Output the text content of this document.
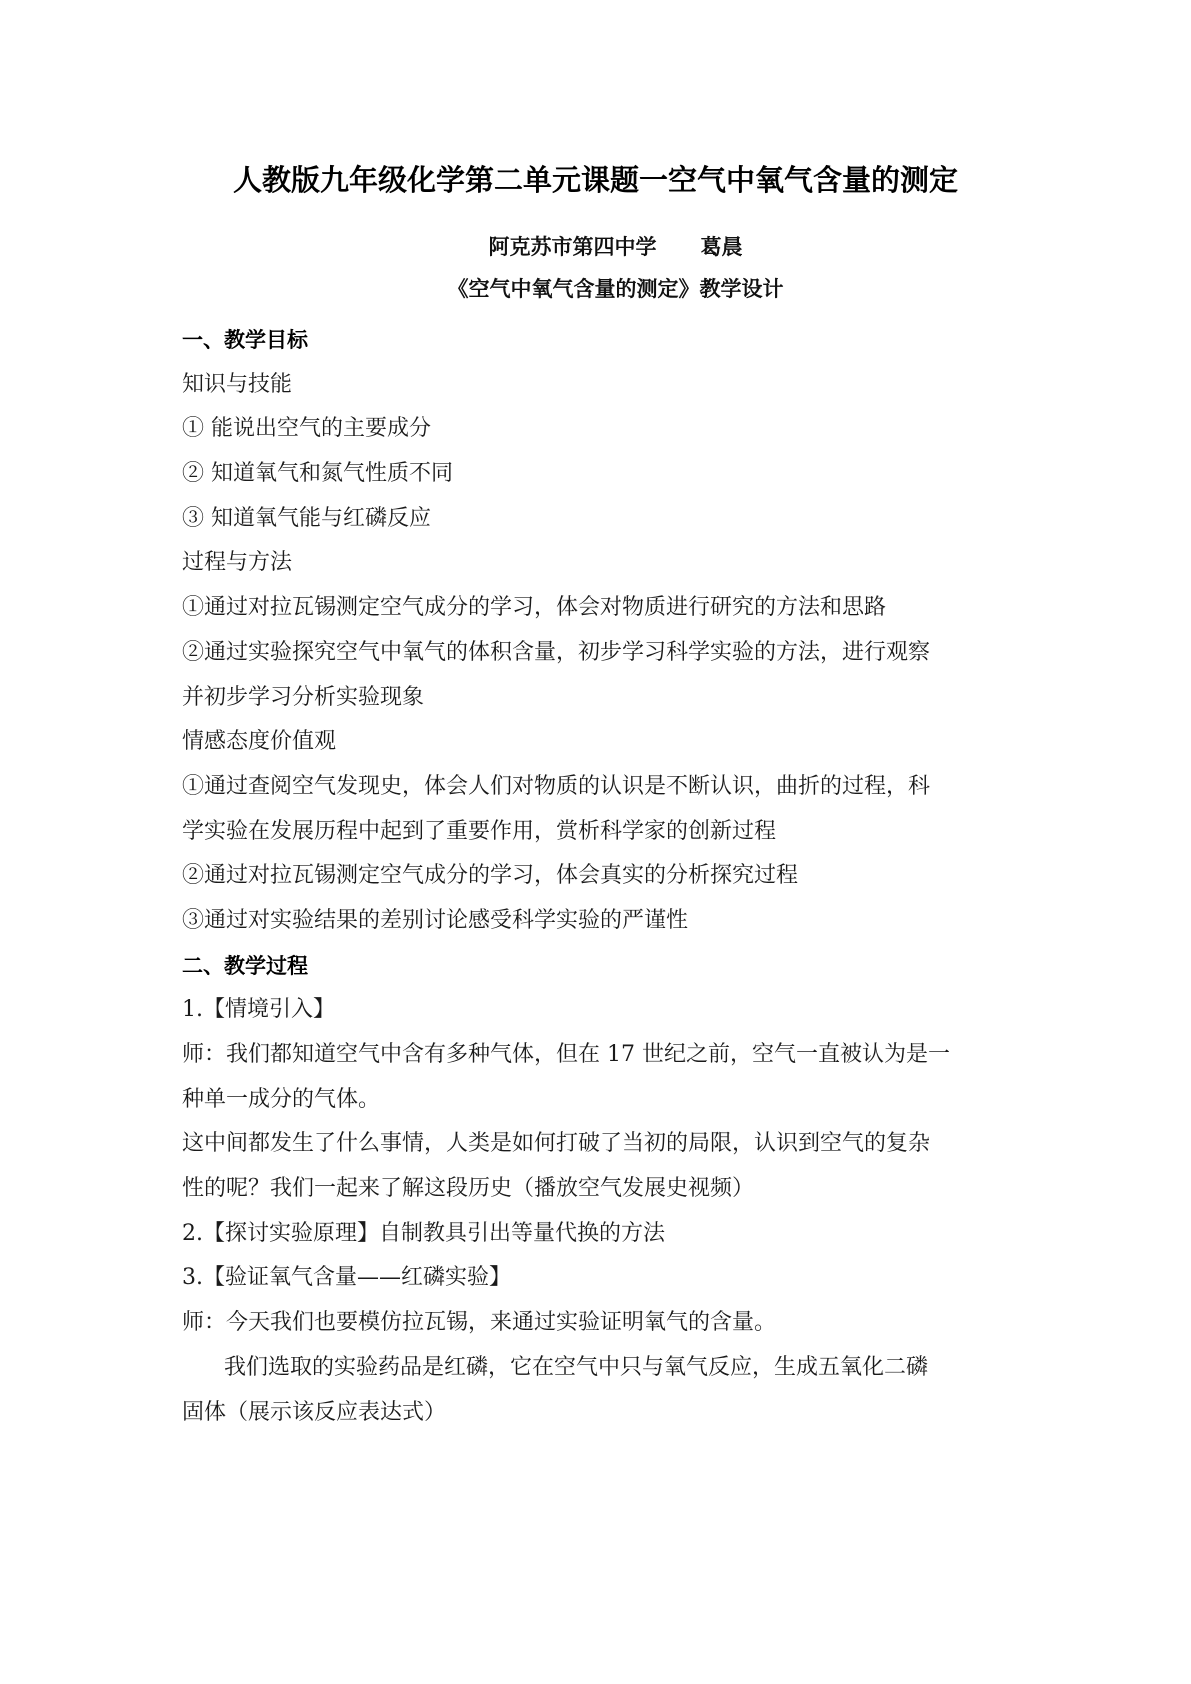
人教版九年级化学第二单元课题一空气中氧气含量的测定
阿克苏市第四中学 葛晨
《空气中氧气含量的测定》教学设计
一、教学目标
知识与技能
① 能说出空气的主要成分
② 知道氧气和氮气性质不同
③ 知道氧气能与红磷反应
过程与方法
①通过对拉瓦锡测定空气成分的学习，体会对物质进行研究的方法和思路
②通过实验探究空气中氧气的体积含量，初步学习科学实验的方法，进行观察
并初步学习分析实验现象
情感态度价值观
①通过查阅空气发现史，体会人们对物质的认识是不断认识，曲折的过程，科
学实验在发展历程中起到了重要作用，赏析科学家的创新过程
②通过对拉瓦锡测定空气成分的学习，体会真实的分析探究过程
③通过对实验结果的差别讨论感受科学实验的严谨性
二、教学过程
1.【情境引入】
师：我们都知道空气中含有多种气体，但在 17 世纪之前，空气一直被认为是一
种单一成分的气体。
这中间都发生了什么事情，人类是如何打破了当初的局限，认识到空气的复杂
性的呢？我们一起来了解这段历史（播放空气发展史视频）
2.【探讨实验原理】自制教具引出等量代换的方法
3.【验证氧气含量——红磷实验】
师：今天我们也要模仿拉瓦锡，来通过实验证明氧气的含量。
我们选取的实验药品是红磷，它在空气中只与氧气反应，生成五氧化二磷
固体（展示该反应表达式）
